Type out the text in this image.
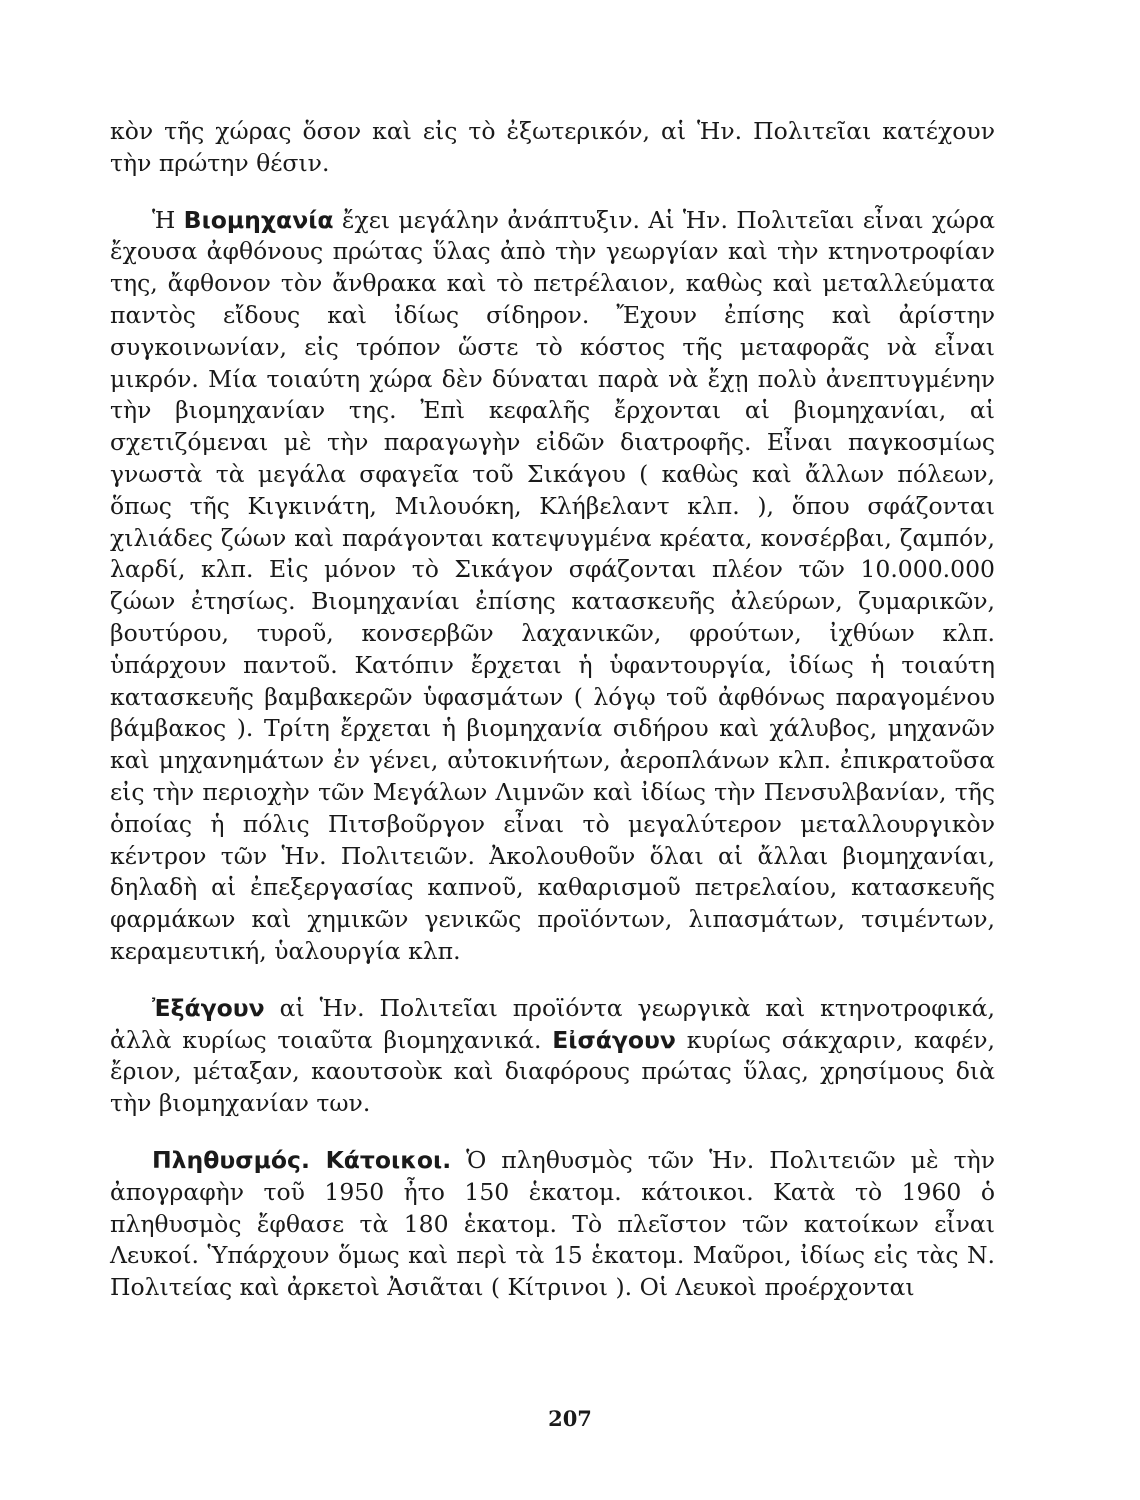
κὸν τῆς χώρας ὅσον καὶ εἰς τὸ ἐξωτερικόν, αἱ Ἡν. Πολιτεῖαι κατέχουν τὴν πρώτην θέσιν.

Ἡ Βιομηχανία ἔχει μεγάλην ἀνάπτυξιν. Αἱ Ἡν. Πολιτεῖαι εἶναι χώρα ἔχουσα ἀφθόνους πρώτας ὕλας ἀπὸ τὴν γεωργίαν καὶ τὴν κτηνοτροφίαν της, ἄφθονον τὸν ἄνθρακα καὶ τὸ πετρέλαιον, καθὼς καὶ μεταλλεύματα παντὸς εἴδους καὶ ἰδίως σίδηρον. Ἔχουν ἐπίσης καὶ ἀρίστην συγκοινωνίαν, εἰς τρόπον ὥστε τὸ κόστος τῆς μεταφορᾶς νὰ εἶναι μικρόν. Μία τοιαύτη χώρα δὲν δύναται παρὰ νὰ ἔχῃ πολὺ ἀνεπτυγμένην τὴν βιομηχανίαν της. Ἐπὶ κεφαλῆς ἔρχονται αἱ βιομηχανίαι, αἱ σχετιζόμεναι μὲ τὴν παραγωγὴν εἰδῶν διατροφῆς. Εἶναι παγκοσμίως γνωστὰ τὰ μεγάλα σφαγεῖα τοῦ Σικάγου ( καθὼς καὶ ἄλλων πόλεων, ὅπως τῆς Κιγκινάτη, Μιλουόκη, Κλήβελαντ κλπ. ), ὅπου σφάζονται χιλιάδες ζώων καὶ παράγονται κατεψυγμένα κρέατα, κονσέρβαι, ζαμπόν, λαρδί, κλπ. Εἰς μόνον τὸ Σικάγον σφάζονται πλέον τῶν 10.000.000 ζώων ἐτησίως. Βιομηχανίαι ἐπίσης κατασκευῆς ἀλεύρων, ζυμαρικῶν, βουτύρου, τυροῦ, κονσερβῶν λαχανικῶν, φρούτων, ἰχθύων κλπ. ὑπάρχουν παντοῦ. Κατόπιν ἔρχεται ἡ ὑφαντουργία, ἰδίως ἡ τοιαύτη κατασκευῆς βαμβακερῶν ὑφασμάτων ( λόγῳ τοῦ ἀφθόνως παραγομένου βάμβακος ). Τρίτη ἔρχεται ἡ βιομηχανία σιδήρου καὶ χάλυβος, μηχανῶν καὶ μηχανημάτων ἐν γένει, αὐτοκινήτων, ἀεροπλάνων κλπ. ἐπικρατοῦσα εἰς τὴν περιοχὴν τῶν Μεγάλων Λιμνῶν καὶ ἰδίως τὴν Πενσυλβανίαν, τῆς ὁποίας ἡ πόλις Πιτσβοῦργον εἶναι τὸ μεγαλύτερον μεταλλουργικὸν κέντρον τῶν Ἡν. Πολιτειῶν. Ἀκολουθοῦν ὅλαι αἱ ἄλλαι βιομηχανίαι, δηλαδὴ αἱ ἐπεξεργασίας καπνοῦ, καθαρισμοῦ πετρελαίου, κατασκευῆς φαρμάκων καὶ χημικῶν γενικῶς προϊόντων, λιπασμάτων, τσιμέντων, κεραμευτική, ὑαλουργία κλπ.

Ἐξάγουν αἱ Ἡν. Πολιτεῖαι προϊόντα γεωργικὰ καὶ κτηνοτροφικά, ἀλλὰ κυρίως τοιαῦτα βιομηχανικά. Εἰσάγουν κυρίως σάκχαριν, καφέν, ἔριον, μέταξαν, καουτσοὺκ καὶ διαφόρους πρώτας ὕλας, χρησίμους διὰ τὴν βιομηχανίαν των.

Πληθυσμός. Κάτοικοι. Ὁ πληθυσμὸς τῶν Ἡν. Πολιτειῶν μὲ τὴν ἀπογραφὴν τοῦ 1950 ἦτο 150 ἑκατομ. κάτοικοι. Κατὰ τὸ 1960 ὁ πληθυσμὸς ἔφθασε τὰ 180 ἑκατομ. Τὸ πλεῖστον τῶν κατοίκων εἶναι Λευκοί. Ὑπάρχουν ὅμως καὶ περὶ τὰ 15 ἑκατομ. Μαῦροι, ἰδίως εἰς τὰς Ν. Πολιτείας καὶ ἀρκετοὶ Ἀσιᾶται ( Κίτρινοι ). Οἱ Λευκοὶ προέρχονται

207
